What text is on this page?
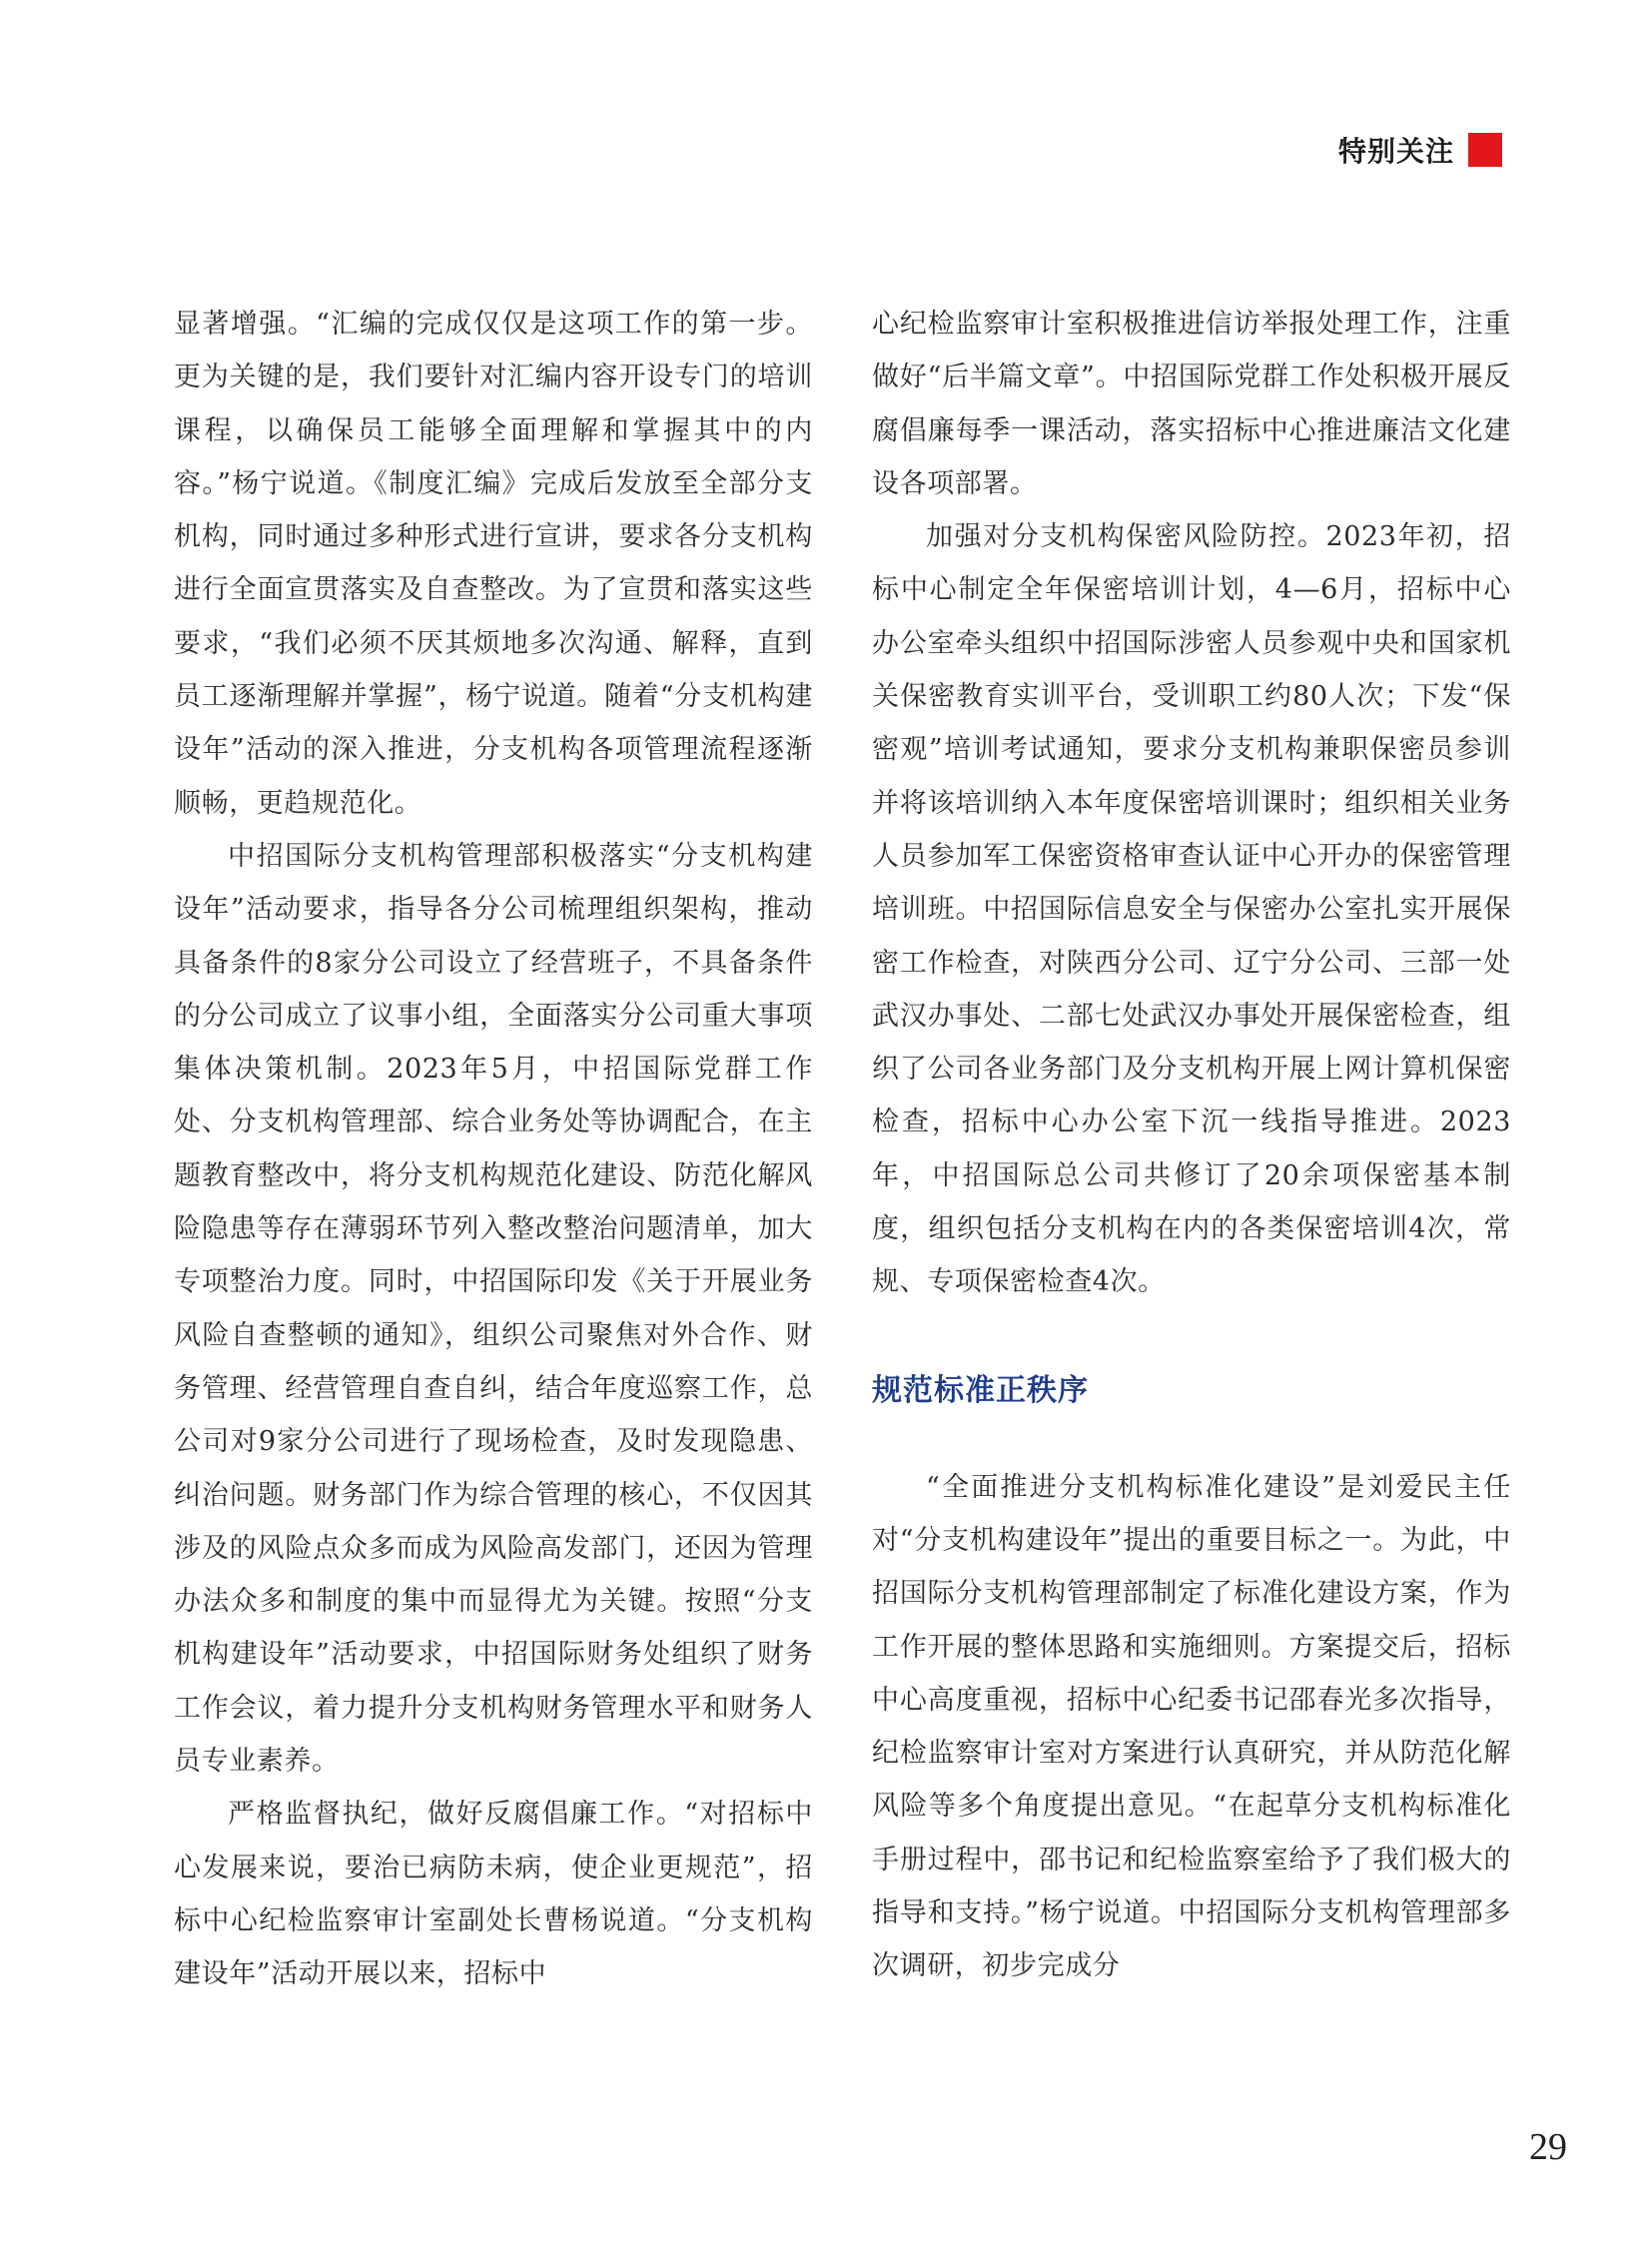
特别关注

显著增强。“汇编的完成仅仅是这项工作的第一步。更为关键的是，我们要针对汇编内容开设专门的培训课程，以确保员工能够全面理解和掌握其中的内容。”杨宁说道。《制度汇编》完成后发放至全部分支机构，同时通过多种形式进行宣讲，要求各分支机构进行全面宣贯落实及自查整改。为了宣贯和落实这些要求，“我们必须不厌其烦地多次沟通、解释，直到员工逐渐理解并掌握”，杨宁说道。随着“分支机构建设年”活动的深入推进，分支机构各项管理流程逐渐顺畅，更趋规范化。

中招国际分支机构管理部积极落实“分支机构建设年”活动要求，指导各分公司梳理组织架构，推动具备条件的8家分公司设立了经营班子，不具备条件的分公司成立了议事小组，全面落实分公司重大事项集体决策机制。2023年5月，中招国际党群工作处、分支机构管理部、综合业务处等协调配合，在主题教育整改中，将分支机构规范化建设、防范化解风险隐患等存在薄弱环节列入整改整治问题清单，加大专项整治力度。同时，中招国际印发《关于开展业务风险自查整顿的通知》，组织公司聚焦对外合作、财务管理、经营管理自查自纠，结合年度巡察工作，总公司对9家分公司进行了现场检查，及时发现隐患、纠治问题。财务部门作为综合管理的核心，不仅因其涉及的风险点众多而成为风险高发部门，还因为管理办法众多和制度的集中而显得尤为关键。按照“分支机构建设年”活动要求，中招国际财务处组织了财务工作会议，着力提升分支机构财务管理水平和财务人员专业素养。

严格监督执纪，做好反腐倡廉工作。“对招标中心发展来说，要治已病防未病，使企业更规范”，招标中心纪检监察审计室副处长曹杨说道。“分支机构建设年”活动开展以来，招标中

心纪检监察审计室积极推进信访举报处理工作，注重做好“后半篇文章”。中招国际党群工作处积极开展反腐倡廉每季一课活动，落实招标中心推进廉洁文化建设各项部署。

加强对分支机构保密风险防控。2023年初，招标中心制定全年保密培训计划，4—6月，招标中心办公室牵头组织中招国际涉密人员参观中央和国家机关保密教育实训平台，受训职工约80人次；下发“保密观”培训考试通知，要求分支机构兼职保密员参训并将该培训纳入本年度保密培训课时；组织相关业务人员参加军工保密资格审查认证中心开办的保密管理培训班。中招国际信息安全与保密办公室扎实开展保密工作检查，对陕西分公司、辽宁分公司、三部一处武汉办事处、二部七处武汉办事处开展保密检查，组织了公司各业务部门及分支机构开展上网计算机保密检查，招标中心办公室下沉一线指导推进。2023年，中招国际总公司共修订了20余项保密基本制度，组织包括分支机构在内的各类保密培训4次，常规、专项保密检查4次。

规范标准正秩序

“全面推进分支机构标准化建设”是刘爱民主任对“分支机构建设年”提出的重要目标之一。为此，中招国际分支机构管理部制定了标准化建设方案，作为工作开展的整体思路和实施细则。方案提交后，招标中心高度重视，招标中心纪委书记邵春光多次指导，纪检监察审计室对方案进行认真研究，并从防范化解风险等多个角度提出意见。“在起草分支机构标准化手册过程中，邵书记和纪检监察室给予了我们极大的指导和支持。”杨宁说道。中招国际分支机构管理部多次调研，初步完成分

29
